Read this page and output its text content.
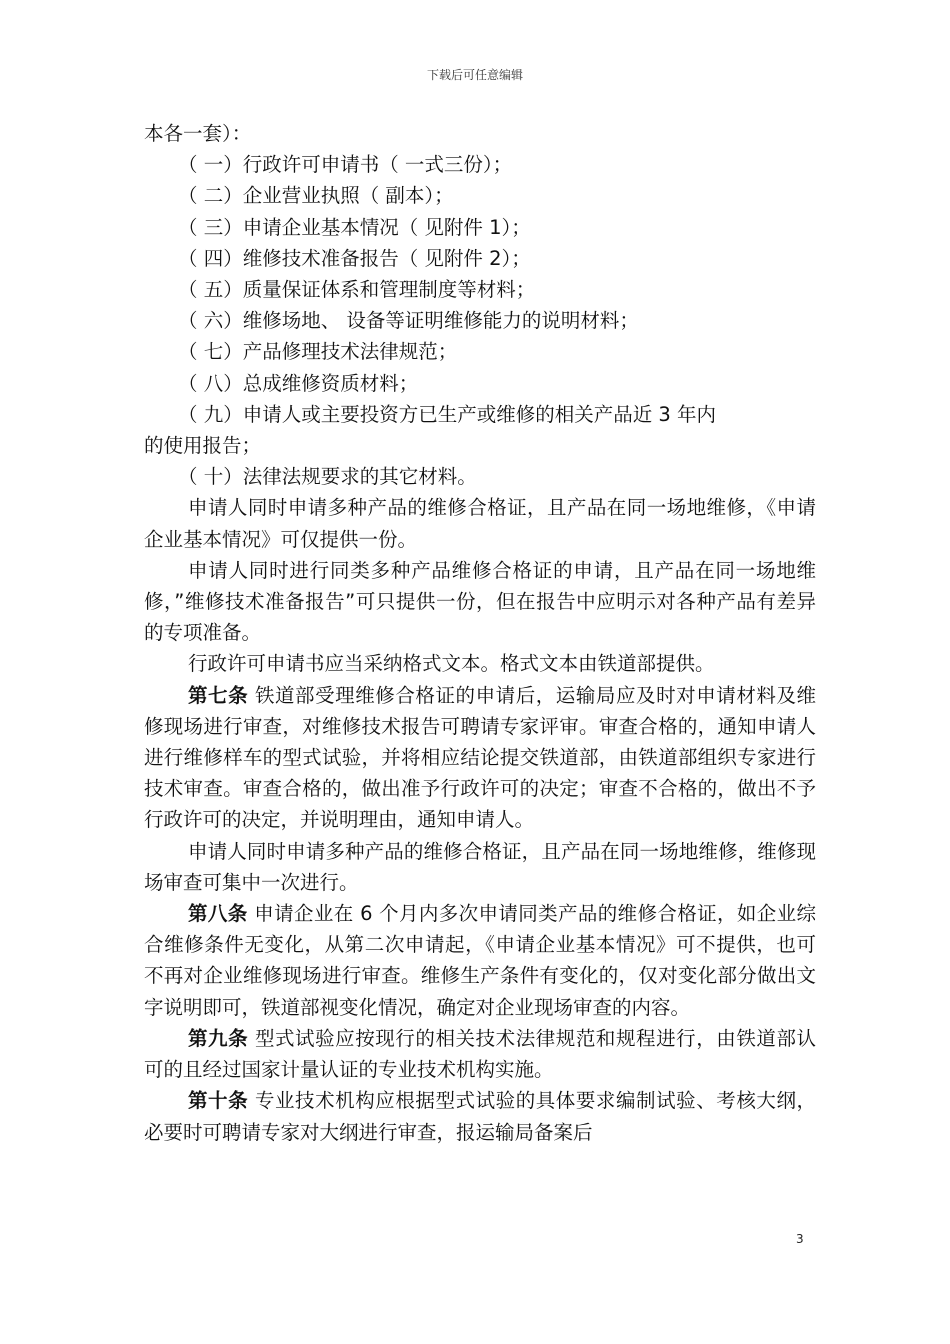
下载后可任意编辑

本各一套）：

（ 一）行政许可申请书（ 一式三份）；

（ 二）企业营业执照（ 副本）；

（ 三）申请企业基本情况（ 见附件 1）；

（ 四）维修技术准备报告（ 见附件 2）；

（ 五）质量保证体系和管理制度等材料；

（ 六）维修场地、 设备等证明维修能力的说明材料；

（ 七）产品修理技术法律规范；

（ 八）总成维修资质材料；

（ 九）申请人或主要投资方已生产或维修的相关产品近 3 年内

的使用报告；

（ 十）法律法规要求的其它材料。

申请人同时申请多种产品的维修合格证，且产品在同一场地维修，《申请企业基本情况》可仅提供一份。

申请人同时进行同类多种产品维修合格证的申请，且产品在同一场地维修，”维修技术准备报告”可只提供一份，但在报告中应明示对各种产品有差异的专项准备。

行政许可申请书应当采纳格式文本。格式文本由铁道部提供。

第七条 铁道部受理维修合格证的申请后，运输局应及时对申请材料及维修现场进行审查，对维修技术报告可聘请专家评审。审查合格的，通知申请人进行维修样车的型式试验，并将相应结论提交铁道部，由铁道部组织专家进行技术审查。审查合格的，做出准予行政许可的决定；审查不合格的，做出不予行政许可的决定，并说明理由，通知申请人。

申请人同时申请多种产品的维修合格证，且产品在同一场地维修，维修现场审查可集中一次进行。

第八条 申请企业在 6 个月内多次申请同类产品的维修合格证，如企业综合维修条件无变化，从第二次申请起，《申请企业基本情况》可不提供，也可不再对企业维修现场进行审查。维修生产条件有变化的，仅对变化部分做出文字说明即可，铁道部视变化情况，确定对企业现场审查的内容。

第九条 型式试验应按现行的相关技术法律规范和规程进行，由铁道部认可的且经过国家计量认证的专业技术机构实施。

第十条 专业技术机构应根据型式试验的具体要求编制试验、考核大纲，必要时可聘请专家对大纲进行审查，报运输局备案后

3
